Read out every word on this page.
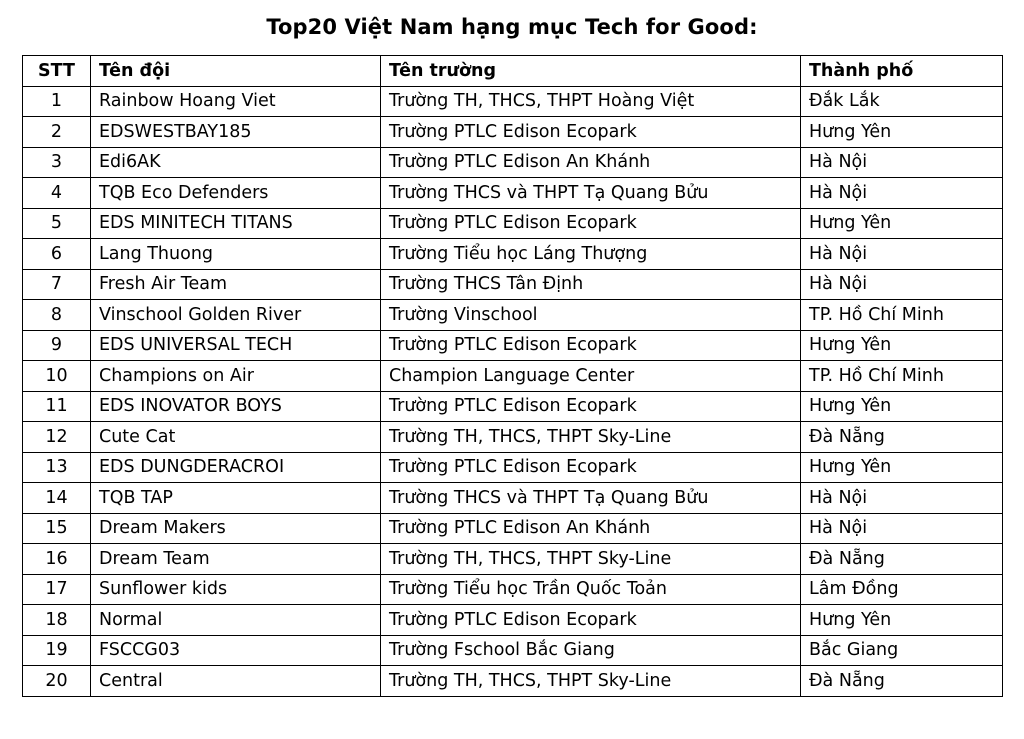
Top20 Việt Nam hạng mục Tech for Good:
STT	Tên đội	Tên trường	Thành phố
1	Rainbow Hoang Viet	Trường TH, THCS, THPT Hoàng Việt	Đắk Lắk
2	EDSWESTBAY185	Trường PTLC Edison Ecopark	Hưng Yên
3	Edi6AK	Trường PTLC Edison An Khánh	Hà Nội
4	TQB Eco Defenders	Trường THCS và THPT Tạ Quang Bửu	Hà Nội
5	EDS MINITECH TITANS	Trường PTLC Edison Ecopark	Hưng Yên
6	Lang Thuong	Trường Tiểu học Láng Thượng	Hà Nội
7	Fresh Air Team	Trường THCS Tân Định	Hà Nội
8	Vinschool Golden River	Trường Vinschool	TP. Hồ Chí Minh
9	EDS UNIVERSAL TECH	Trường PTLC Edison Ecopark	Hưng Yên
10	Champions on Air	Champion Language Center	TP. Hồ Chí Minh
11	EDS INOVATOR BOYS	Trường PTLC Edison Ecopark	Hưng Yên
12	Cute Cat	Trường TH, THCS, THPT Sky-Line	Đà Nẵng
13	EDS DUNGDERACROI	Trường PTLC Edison Ecopark	Hưng Yên
14	TQB TAP	Trường THCS và THPT Tạ Quang Bửu	Hà Nội
15	Dream Makers	Trường PTLC Edison An Khánh	Hà Nội
16	Dream Team	Trường TH, THCS, THPT Sky-Line	Đà Nẵng
17	Sunflower kids	Trường Tiểu học Trần Quốc Toản	Lâm Đồng
18	Normal	Trường PTLC Edison Ecopark	Hưng Yên
19	FSCCG03	Trường Fschool Bắc Giang	Bắc Giang
20	Central	Trường TH, THCS, THPT Sky-Line	Đà Nẵng
